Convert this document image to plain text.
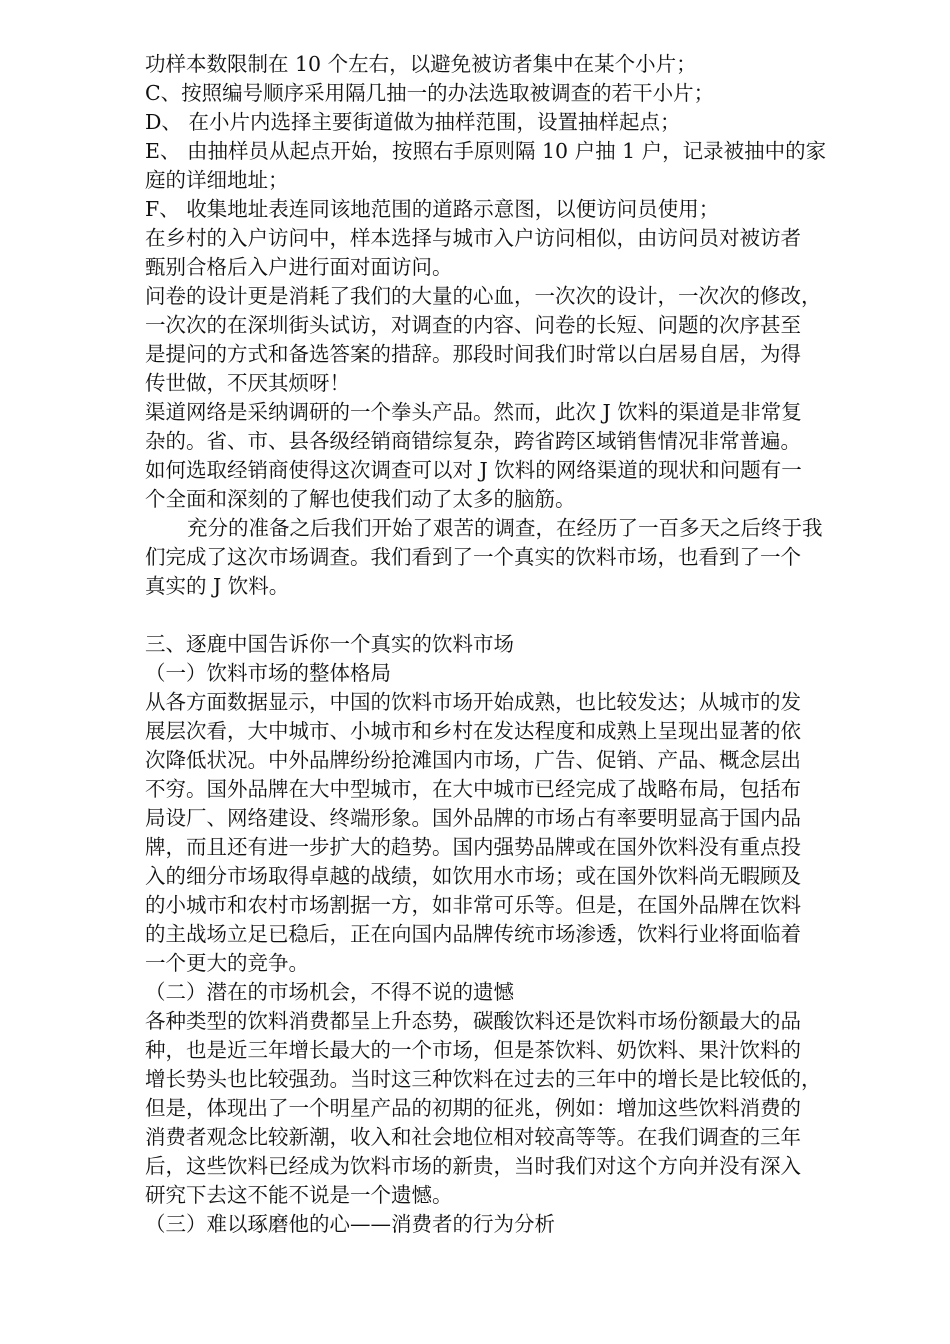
功样本数限制在 10 个左右，以避免被访者集中在某个小片；
C、按照编号顺序采用隔几抽一的办法选取被调查的若干小片；
D、 在小片内选择主要街道做为抽样范围，设置抽样起点；
E、 由抽样员从起点开始，按照右手原则隔 10 户抽 1 户，记录被抽中的家
庭的详细地址；
F、 收集地址表连同该地范围的道路示意图，以便访问员使用；
在乡村的入户访问中，样本选择与城市入户访问相似，由访问员对被访者
甄别合格后入户进行面对面访问。
问卷的设计更是消耗了我们的大量的心血，一次次的设计，一次次的修改，
一次次的在深圳街头试访，对调查的内容、问卷的长短、问题的次序甚至
是提问的方式和备选答案的措辞。那段时间我们时常以白居易自居，为得
传世做，不厌其烦呀！
渠道网络是采纳调研的一个拳头产品。然而，此次 J 饮料的渠道是非常复
杂的。省、市、县各级经销商错综复杂，跨省跨区域销售情况非常普遍。
如何选取经销商使得这次调查可以对 J 饮料的网络渠道的现状和问题有一
个全面和深刻的了解也使我们动了太多的脑筋。
充分的准备之后我们开始了艰苦的调查，在经历了一百多天之后终于我
们完成了这次市场调查。我们看到了一个真实的饮料市场，也看到了一个
真实的 J 饮料。
三、逐鹿中国告诉你一个真实的饮料市场
（一）饮料市场的整体格局
从各方面数据显示，中国的饮料市场开始成熟，也比较发达；从城市的发
展层次看，大中城市、小城市和乡村在发达程度和成熟上呈现出显著的依
次降低状况。中外品牌纷纷抢滩国内市场，广告、促销、产品、概念层出
不穷。国外品牌在大中型城市，在大中城市已经完成了战略布局，包括布
局设厂、网络建设、终端形象。国外品牌的市场占有率要明显高于国内品
牌，而且还有进一步扩大的趋势。国内强势品牌或在国外饮料没有重点投
入的细分市场取得卓越的战绩，如饮用水市场；或在国外饮料尚无暇顾及
的小城市和农村市场割据一方，如非常可乐等。但是，在国外品牌在饮料
的主战场立足已稳后，正在向国内品牌传统市场渗透，饮料行业将面临着
一个更大的竞争。
（二）潜在的市场机会，不得不说的遗憾
各种类型的饮料消费都呈上升态势，碳酸饮料还是饮料市场份额最大的品
种，也是近三年增长最大的一个市场，但是茶饮料、奶饮料、果汁饮料的
增长势头也比较强劲。当时这三种饮料在过去的三年中的增长是比较低的，
但是，体现出了一个明星产品的初期的征兆，例如：增加这些饮料消费的
消费者观念比较新潮，收入和社会地位相对较高等等。在我们调查的三年
后，这些饮料已经成为饮料市场的新贵，当时我们对这个方向并没有深入
研究下去这不能不说是一个遗憾。
（三）难以琢磨他的心——消费者的行为分析
